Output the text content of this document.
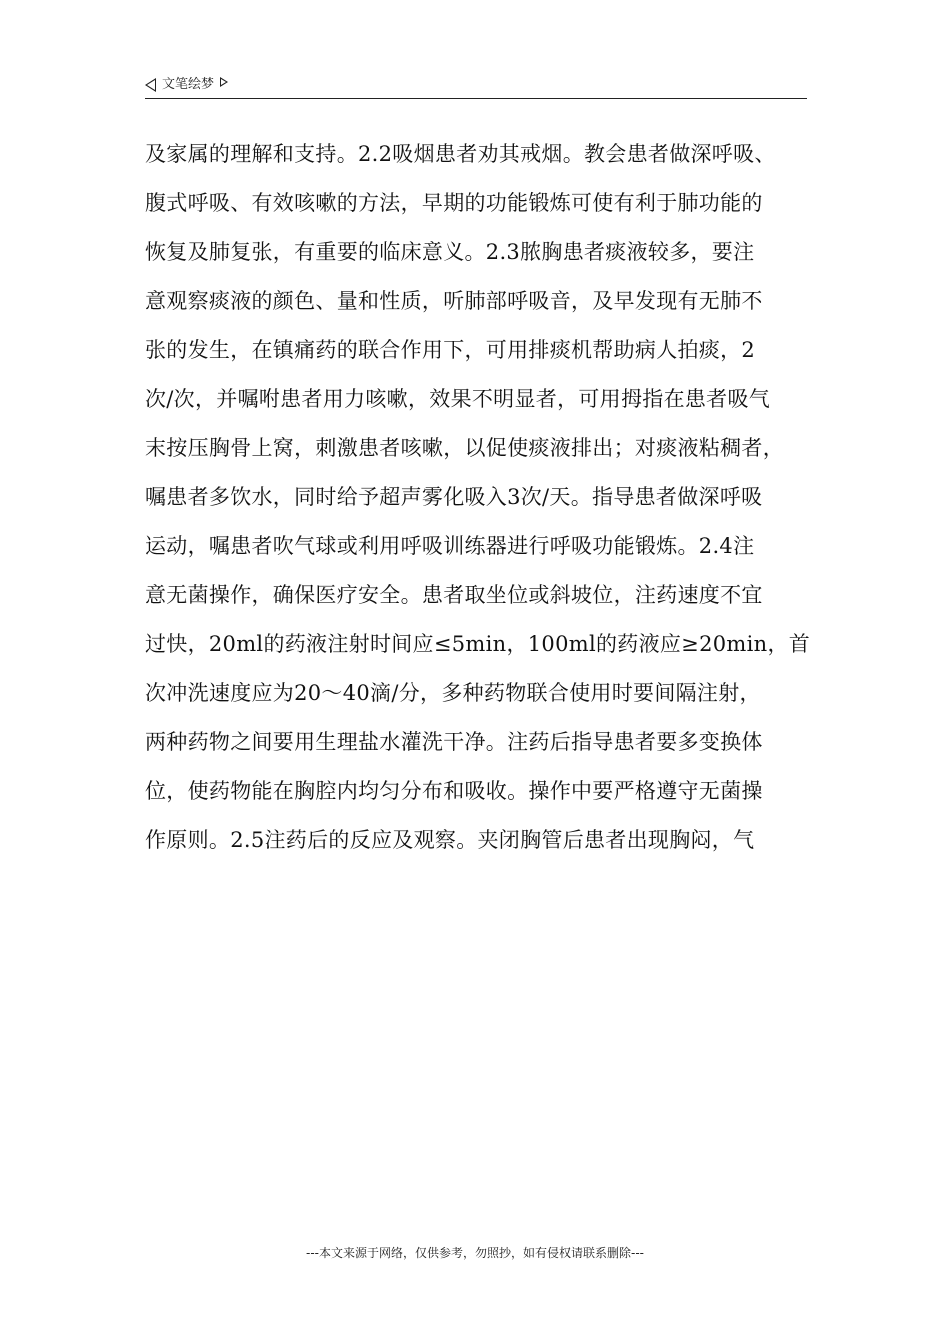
文笔绘梦
及家属的理解和支持。2.2吸烟患者劝其戒烟。教会患者做深呼吸、
腹式呼吸、有效咳嗽的方法，早期的功能锻炼可使有利于肺功能的
恢复及肺复张，有重要的临床意义。2.3脓胸患者痰液较多，要注
意观察痰液的颜色、量和性质，听肺部呼吸音，及早发现有无肺不
张的发生，在镇痛药的联合作用下，可用排痰机帮助病人拍痰，2
次/次，并嘱咐患者用力咳嗽，效果不明显者，可用拇指在患者吸气
末按压胸骨上窝，刺激患者咳嗽，以促使痰液排出；对痰液粘稠者，
嘱患者多饮水，同时给予超声雾化吸入3次/天。指导患者做深呼吸
运动，嘱患者吹气球或利用呼吸训练器进行呼吸功能锻炼。2.4注
意无菌操作，确保医疗安全。患者取坐位或斜坡位，注药速度不宜
过快，20ml的药液注射时间应≤5min，100ml的药液应≥20min，首
次冲洗速度应为20～40滴/分，多种药物联合使用时要间隔注射，
两种药物之间要用生理盐水灌洗干净。注药后指导患者要多变换体
位，使药物能在胸腔内均匀分布和吸收。操作中要严格遵守无菌操
作原则。2.5注药后的反应及观察。夹闭胸管后患者出现胸闷，气
---本文来源于网络，仅供参考，勿照抄，如有侵权请联系删除---
